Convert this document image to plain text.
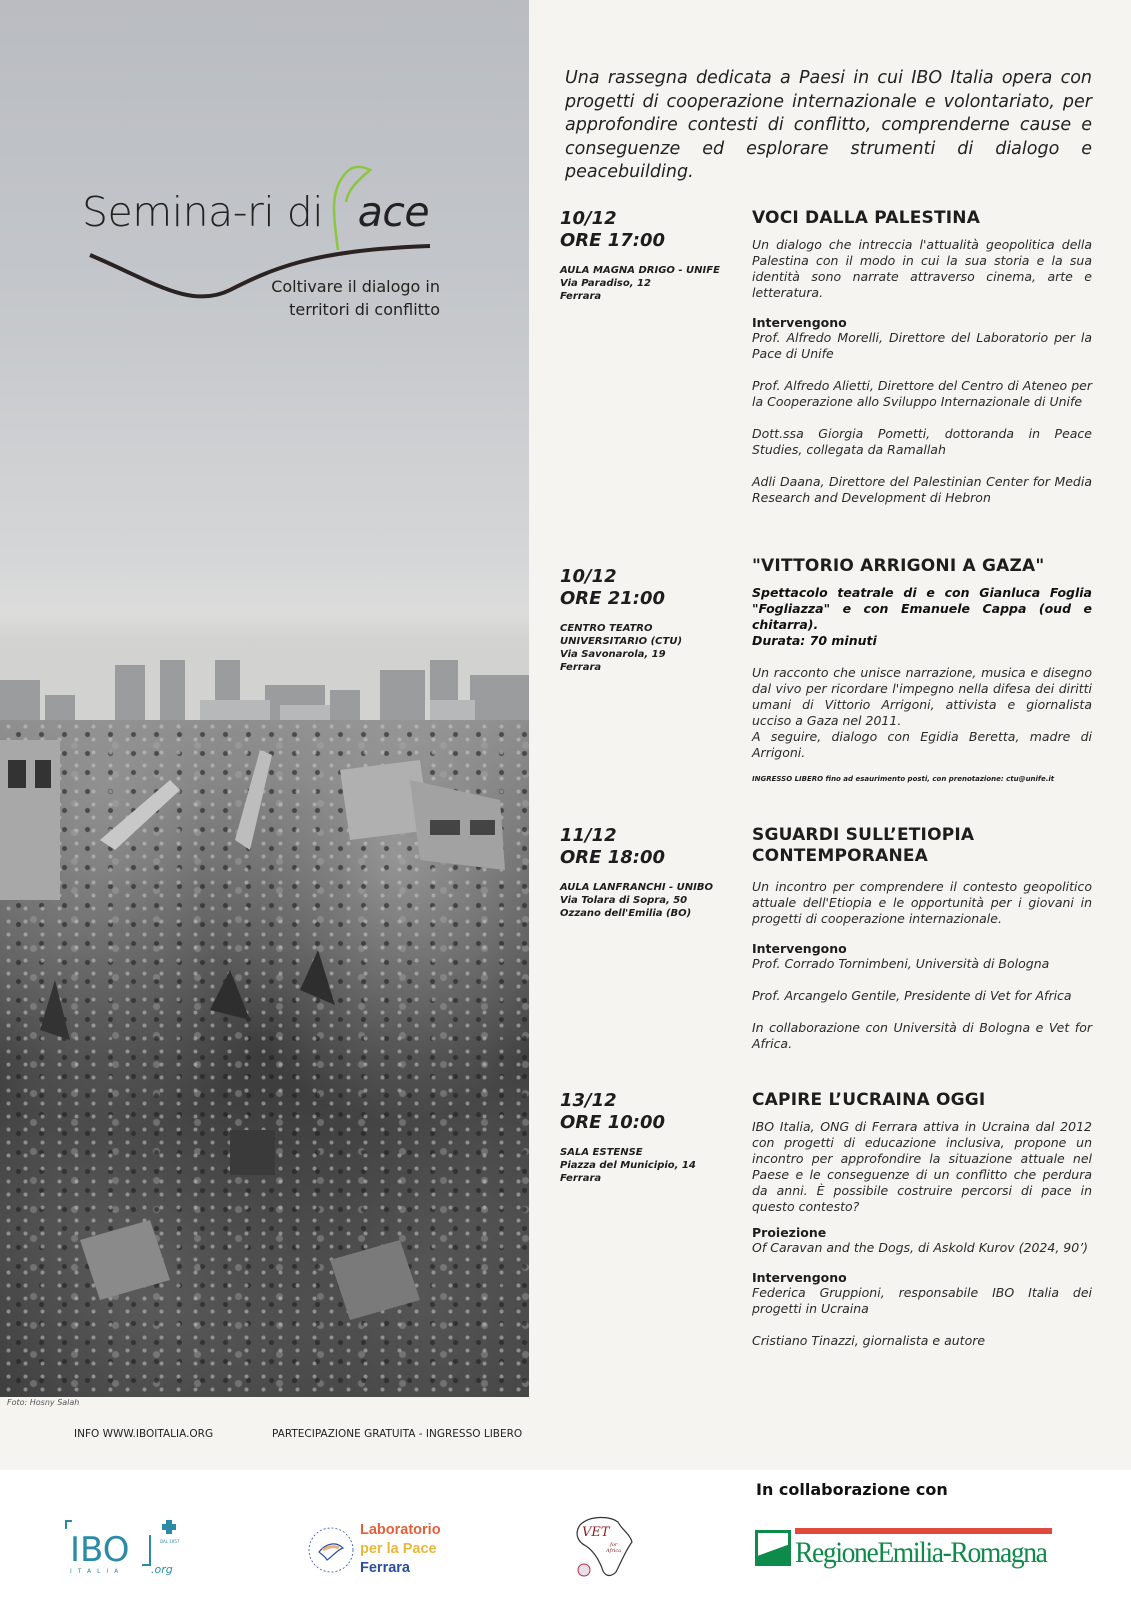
Foto: Hosny Salah
Semina-ri di ace
Coltivare il dialogo in
territori di conflitto
Una rassegna dedicata a Paesi in cui IBO Italia opera con progetti di cooperazione internazionale e volontariato, per approfondire contesti di conflitto, comprenderne cause e conseguenze ed esplorare strumenti di dialogo e peacebuilding.
10/12
ORE 17:00
AULA MAGNA DRIGO - UNIFE
Via Paradiso, 12
Ferrara
VOCI DALLA PALESTINA

Un dialogo che intreccia l'attualità geopolitica della Palestina con il modo in cui la sua storia e la sua identità sono narrate attraverso cinema, arte e letteratura.

Intervengono

Prof. Alfredo Morelli, Direttore del Laboratorio per la Pace di Unife

Prof. Alfredo Alietti, Direttore del Centro di Ateneo per la Cooperazione allo Sviluppo Internazionale di Unife

Dott.ssa Giorgia Pometti, dottoranda in Peace Studies, collegata da Ramallah

Adli Daana, Direttore del Palestinian Center for Media Research and Development di Hebron

10/12
ORE 21:00
CENTRO TEATRO
UNIVERSITARIO (CTU)
Via Savonarola, 19
Ferrara
"VITTORIO ARRIGONI A GAZA"

Spettacolo teatrale di e con Gianluca Foglia "Fogliazza" e con Emanuele Cappa (oud e chitarra).

Durata: 70 minuti

Un racconto che unisce narrazione, musica e disegno dal vivo per ricordare l'impegno nella difesa dei diritti umani di Vittorio Arrigoni, attivista e giornalista ucciso a Gaza nel 2011.

A seguire, dialogo con Egidia Beretta, madre di Arrigoni.

INGRESSO LIBERO fino ad esaurimento posti, con prenotazione: ctu@unife.it
11/12
ORE 18:00
AULA LANFRANCHI - UNIBO
Via Tolara di Sopra, 50
Ozzano dell'Emilia (BO)
SGUARDI SULL’ETIOPIA
CONTEMPORANEA

Un incontro per comprendere il contesto geopolitico attuale dell'Etiopia e le opportunità per i giovani in progetti di cooperazione internazionale.

Intervengono

Prof. Corrado Tornimbeni, Università di Bologna

Prof. Arcangelo Gentile, Presidente di Vet for Africa

In collaborazione con Università di Bologna e Vet for Africa.

13/12
ORE 10:00
SALA ESTENSE
Piazza del Municipio, 14
Ferrara
CAPIRE L’UCRAINA OGGI

IBO Italia, ONG di Ferrara attiva in Ucraina dal 2012 con progetti di educazione inclusiva, propone un incontro per approfondire la situazione attuale nel Paese e le conseguenze di un conflitto che perdura da anni. È possibile costruire percorsi di pace in questo contesto?

Proiezione

Of Caravan and the Dogs, di Askold Kurov (2024, 90’)

Intervengono

Federica Gruppioni, responsabile IBO Italia dei progetti in Ucraina

Cristiano Tinazzi, giornalista e autore

INFO WWW.IBOITALIA.ORG	PARTECIPAZIONE GRATUITA - INGRESSO LIBERO
In collaborazione con
IBO
ITALIA .org
DAL 1957
Laboratorio
per la Pace
Ferrara
VET
for
Africa	RegioneEmilia-Romagna
